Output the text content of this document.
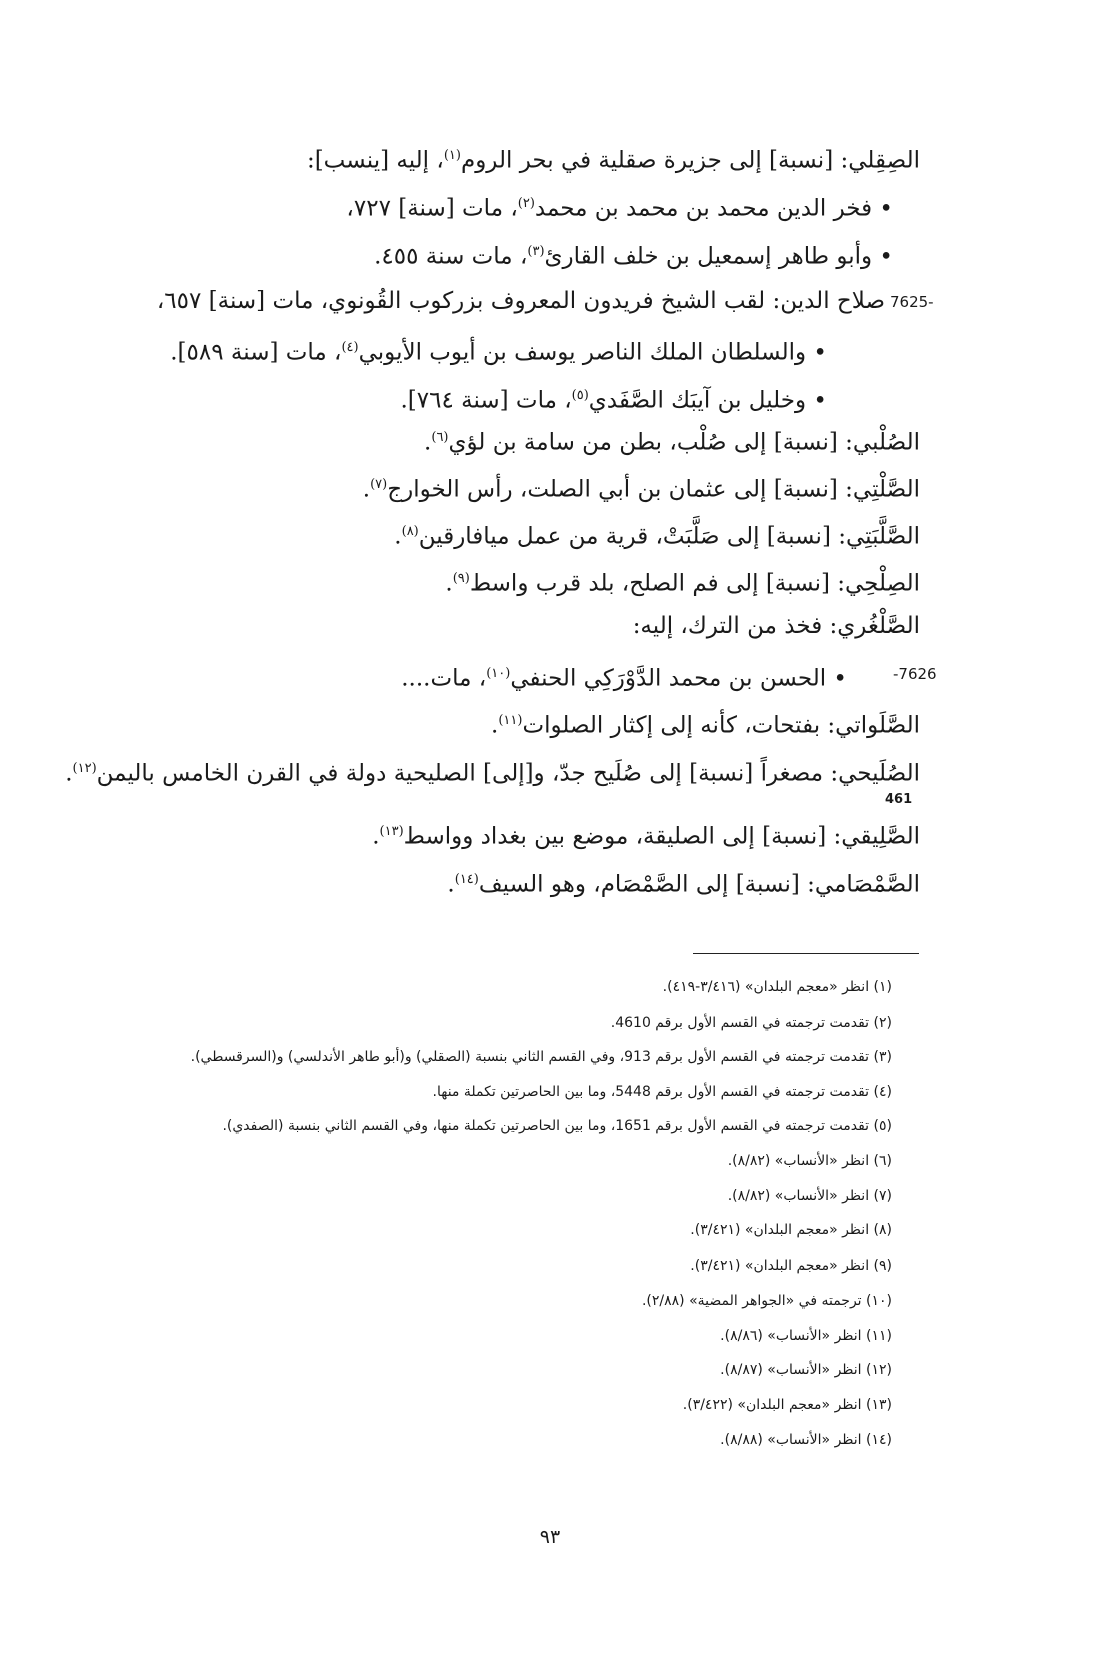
الصِقِلي: [نسبة] إلى جزيرة صقلية في بحر الروم$^{(١)}$، إليه [ينسب]:
• فخر الدين محمد بن محمد بن محمد$^{(٢)}$، مات [سنة] ٧٢٧،
• وأبو طاهر إسمعيل بن خلف القارئ$^{(٣)}$، مات سنة ٤٥٥.
7625-
صلاح الدين: لقب الشيخ فريدون المعروف بزركوب القُونوي، مات [سنة] ٦٥٧،
• والسلطان الملك الناصر يوسف بن أيوب الأيوبي$^{(٤)}$، مات [سنة ٥٨٩].
• وخليل بن آيبَك الصَّفَدي$^{(٥)}$، مات [سنة ٧٦٤].
الصُلْبي: [نسبة] إلى صُلْب، بطن من سامة بن لؤي$^{(٦)}$.
الصَّلْتِي: [نسبة] إلى عثمان بن أبي الصلت، رأس الخوارج$^{(٧)}$.
الصَّلَّبَتِي: [نسبة] إلى صَلَّبَتْ، قرية من عمل ميافارقين$^{(٨)}$.
الصِلْحِي: [نسبة] إلى فم الصلح، بلد قرب واسط$^{(٩)}$.
الصَّلْغُري: فخذ من الترك، إليه:
-7626
• الحسن بن محمد الدَّوْرَكِي الحنفي$^{(١٠)}$، مات....
الصَّلَواتي: بفتحات، كأنه إلى إكثار الصلوات$^{(١١)}$.
الصُلَيحي: مصغراً [نسبة] إلى صُلَيح جدّ، و[إلى] الصليحية دولة في القرن الخامس باليمن$^{(١٢)}$.
461
الصَّلِيقي: [نسبة] إلى الصليقة، موضع بين بغداد وواسط$^{(١٣)}$.
الصَّمْصَامي: [نسبة] إلى الصَّمْصَام، وهو السيف$^{(١٤)}$.
(١) انظر «معجم البلدان» (٣/٤١٦-٤١٩).
(٢) تقدمت ترجمته في القسم الأول برقم 4610.
(٣) تقدمت ترجمته في القسم الأول برقم 913، وفي القسم الثاني بنسبة (الصقلي) و(أبو طاهر الأندلسي) و(السرقسطي).
(٤) تقدمت ترجمته في القسم الأول برقم 5448، وما بين الحاصرتين تكملة منها.
(٥) تقدمت ترجمته في القسم الأول برقم 1651، وما بين الحاصرتين تكملة منها، وفي القسم الثاني بنسبة (الصفدي).
(٦) انظر «الأنساب» (٨/٨٢).
(٧) انظر «الأنساب» (٨/٨٢).
(٨) انظر «معجم البلدان» (٣/٤٢١).
(٩) انظر «معجم البلدان» (٣/٤٢١).
(١٠) ترجمته في «الجواهر المضية» (٢/٨٨).
(١١) انظر «الأنساب» (٨/٨٦).
(١٢) انظر «الأنساب» (٨/٨٧).
(١٣) انظر «معجم البلدان» (٣/٤٢٢).
(١٤) انظر «الأنساب» (٨/٨٨).
٩٣
